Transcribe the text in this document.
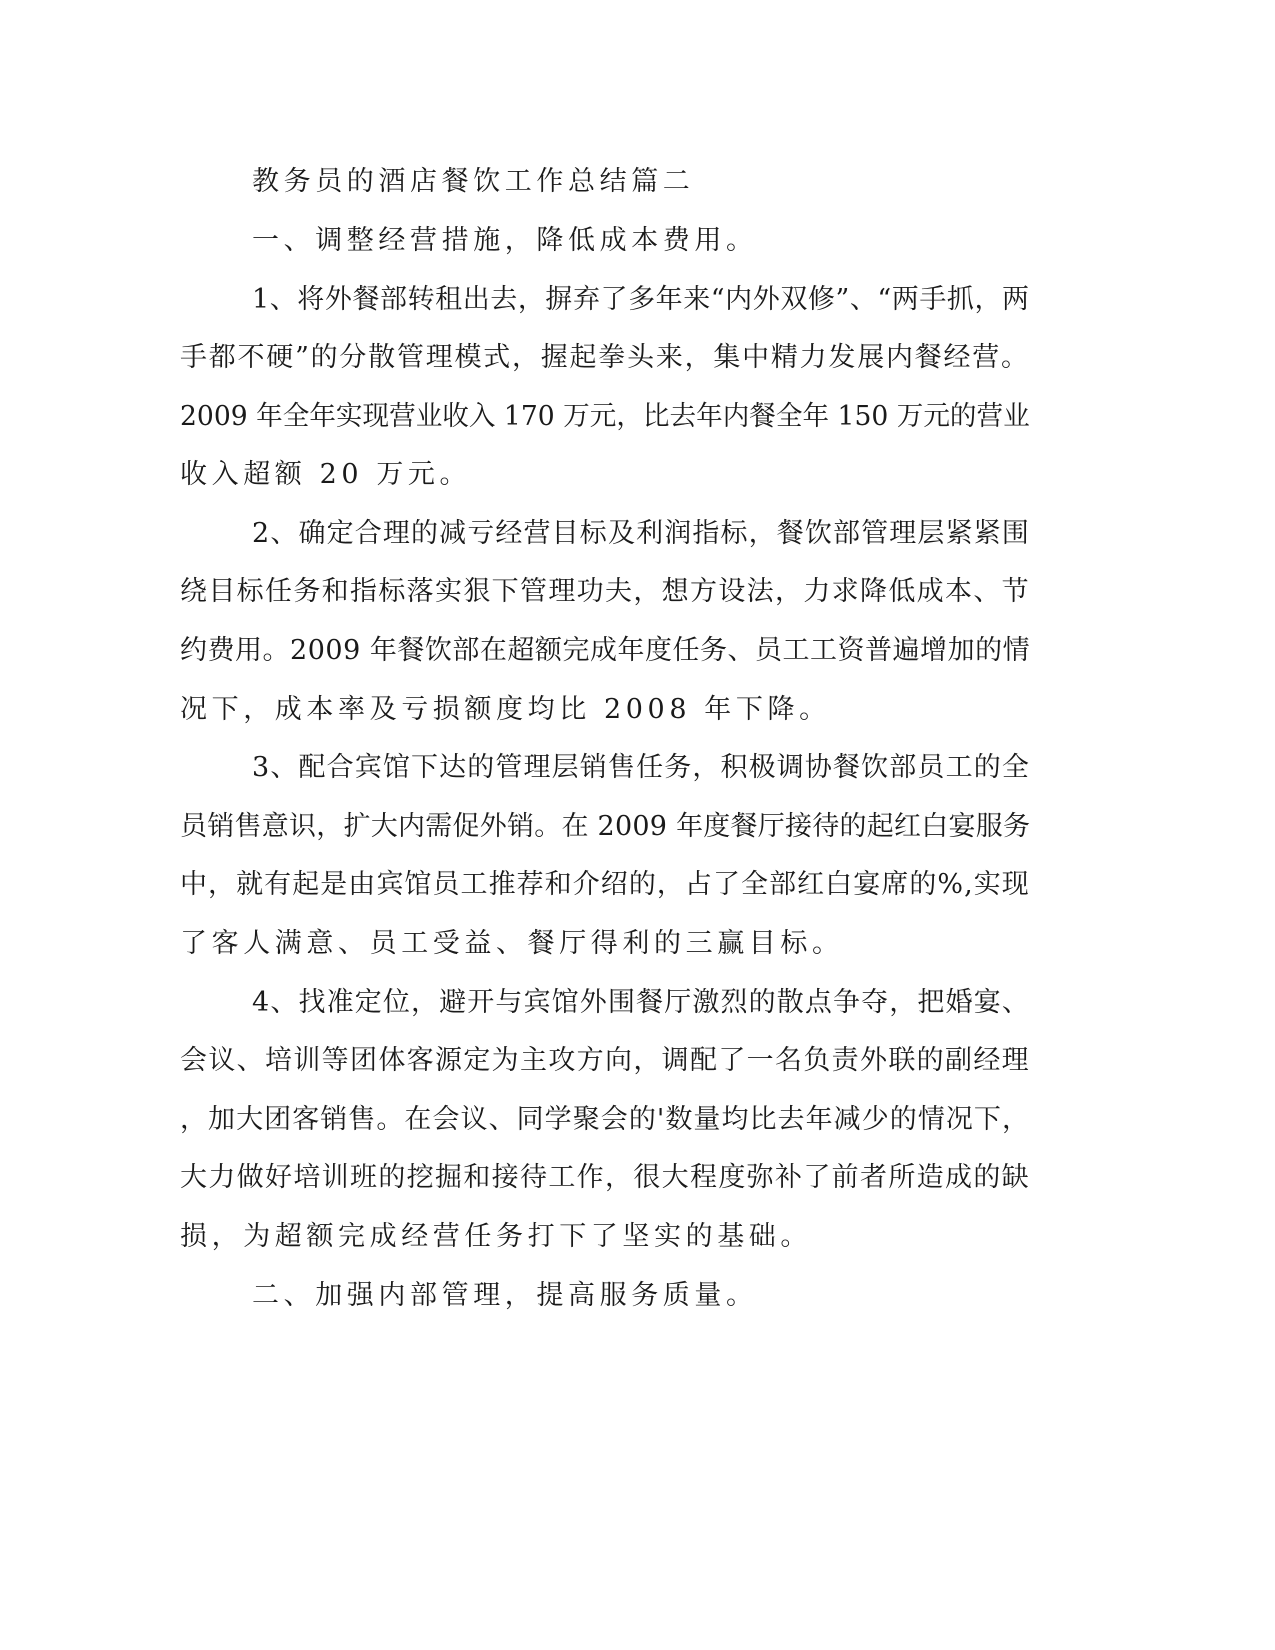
教务员的酒店餐饮工作总结篇二

一、调整经营措施，降低成本费用。

1、将外餐部转租出去，摒弃了多年来“内外双修”、“两手抓，两

手都不硬”的分散管理模式，握起拳头来，集中精力发展内餐经营。

2009 年全年实现营业收入 170 万元，比去年内餐全年 150 万元的营业

收入超额 20 万元。

2、确定合理的减亏经营目标及利润指标，餐饮部管理层紧紧围

绕目标任务和指标落实狠下管理功夫，想方设法，力求降低成本、节

约费用。2009 年餐饮部在超额完成年度任务、员工工资普遍增加的情

况下，成本率及亏损额度均比 2008 年下降。

3、配合宾馆下达的管理层销售任务，积极调协餐饮部员工的全

员销售意识，扩大内需促外销。在 2009 年度餐厅接待的起红白宴服务

中，就有起是由宾馆员工推荐和介绍的，占了全部红白宴席的%,实现

了客人满意、员工受益、餐厅得利的三赢目标。

4、找准定位，避开与宾馆外围餐厅激烈的散点争夺，把婚宴、

会议、培训等团体客源定为主攻方向，调配了一名负责外联的副经理

，加大团客销售。在会议、同学聚会的'数量均比去年减少的情况下，

大力做好培训班的挖掘和接待工作，很大程度弥补了前者所造成的缺

损，为超额完成经营任务打下了坚实的基础。

二、加强内部管理，提高服务质量。
